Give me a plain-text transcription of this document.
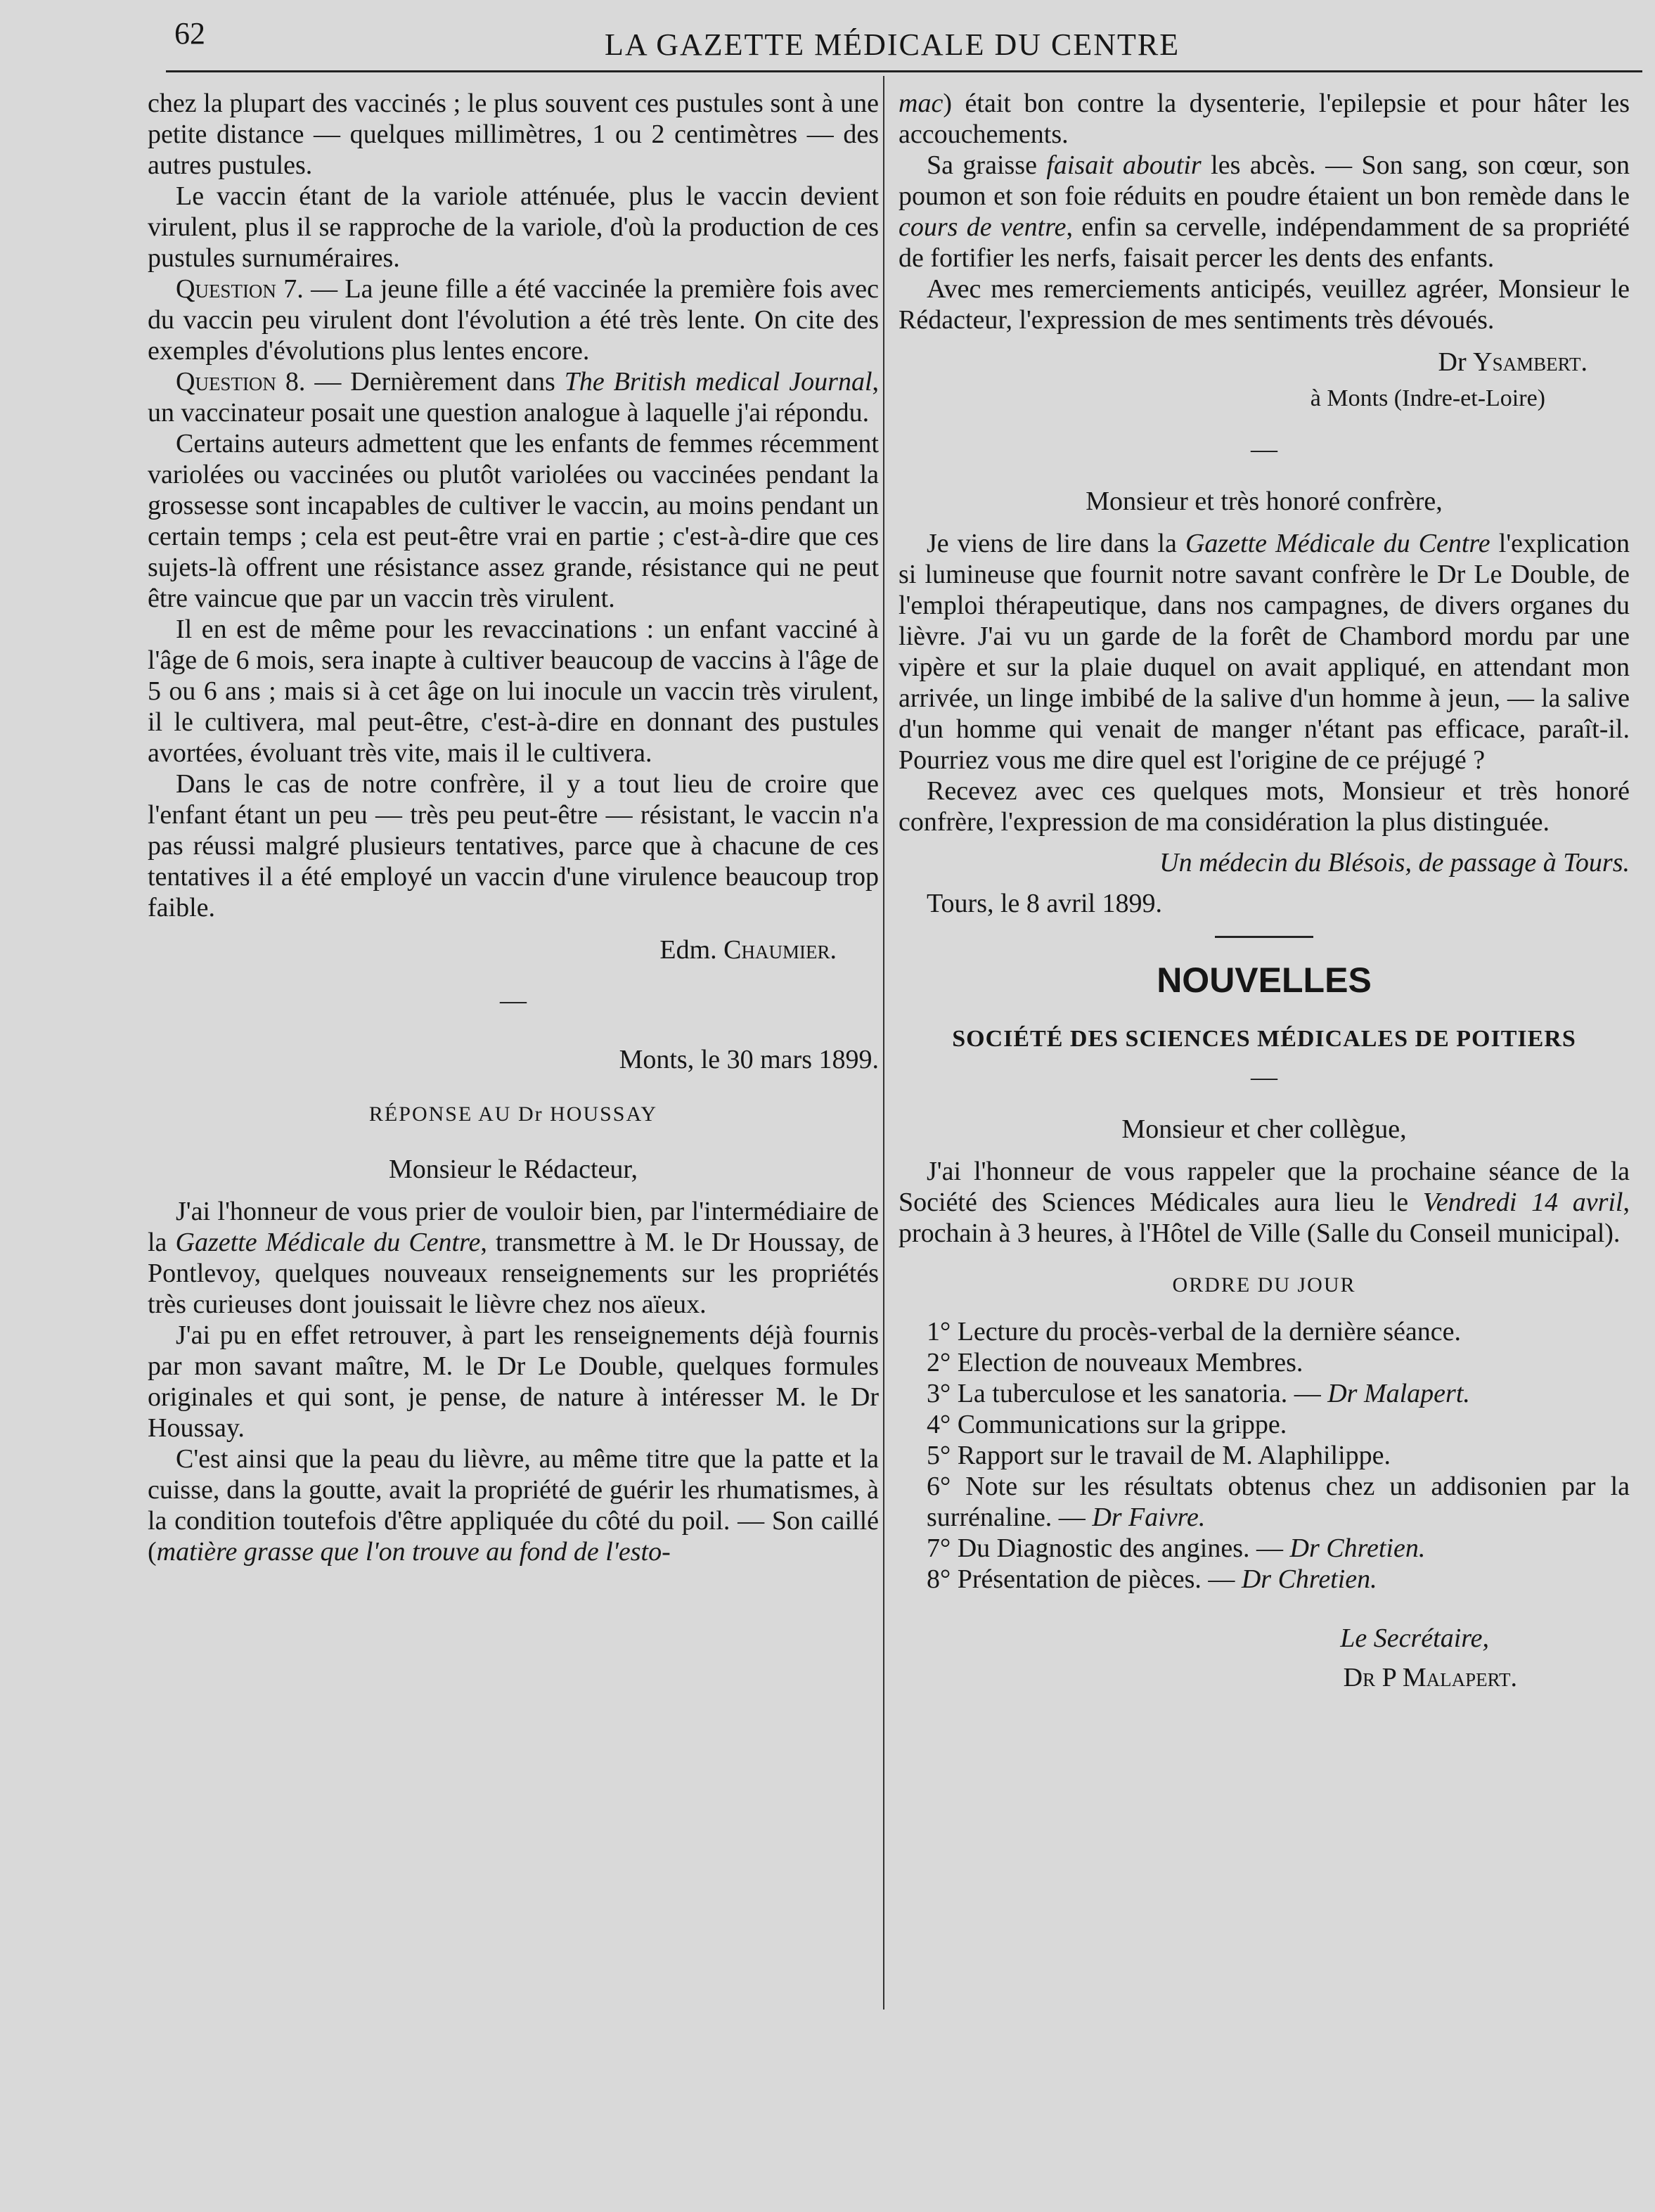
62	LA GAZETTE MÉDICALE DU CENTRE

chez la plupart des vaccinés ; le plus souvent ces pustules sont à une petite distance — quelques millimètres, 1 ou 2 centimètres — des autres pustules.

Le vaccin étant de la variole atténuée, plus le vaccin devient virulent, plus il se rapproche de la variole, d'où la production de ces pustules surnuméraires.

Question 7. — La jeune fille a été vaccinée la première fois avec du vaccin peu virulent dont l'évolution a été très lente. On cite des exemples d'évolutions plus lentes encore.

Question 8. — Dernièrement dans The British medical Journal, un vaccinateur posait une question analogue à laquelle j'ai répondu.

Certains auteurs admettent que les enfants de femmes récemment variolées ou vaccinées ou plutôt variolées ou vaccinées pendant la grossesse sont incapables de cultiver le vaccin, au moins pendant un certain temps ; cela est peut-être vrai en partie ; c'est-à-dire que ces sujets-là offrent une résistance assez grande, résistance qui ne peut être vaincue que par un vaccin très virulent.

Il en est de même pour les revaccinations : un enfant vacciné à l'âge de 6 mois, sera inapte à cultiver beaucoup de vaccins à l'âge de 5 ou 6 ans ; mais si à cet âge on lui inocule un vaccin très virulent, il le cultivera, mal peut-être, c'est-à-dire en donnant des pustules avortées, évoluant très vite, mais il le cultivera.

Dans le cas de notre confrère, il y a tout lieu de croire que l'enfant étant un peu — très peu peut-être — résistant, le vaccin n'a pas réussi malgré plusieurs tentatives, parce que à chacune de ces tentatives il a été employé un vaccin d'une virulence beaucoup trop faible.

Edm. Chaumier.
—
Monts, le 30 mars 1899.
RÉPONSE AU Dr HOUSSAY
Monsieur le Rédacteur,

J'ai l'honneur de vous prier de vouloir bien, par l'intermédiaire de la Gazette Médicale du Centre, transmettre à M. le Dr Houssay, de Pontlevoy, quelques nouveaux renseignements sur les propriétés très curieuses dont jouissait le lièvre chez nos aïeux.

J'ai pu en effet retrouver, à part les renseignements déjà fournis par mon savant maître, M. le Dr Le Double, quelques formules originales et qui sont, je pense, de nature à intéresser M. le Dr Houssay.

C'est ainsi que la peau du lièvre, au même titre que la patte et la cuisse, dans la goutte, avait la propriété de guérir les rhumatismes, à la condition toutefois d'être appliquée du côté du poil. — Son caillé (matière grasse que l'on trouve au fond de l'esto-

mac) était bon contre la dysenterie, l'epilepsie et pour hâter les accouchements.

Sa graisse faisait aboutir les abcès. — Son sang, son cœur, son poumon et son foie réduits en poudre étaient un bon remède dans le cours de ventre, enfin sa cervelle, indépendamment de sa propriété de fortifier les nerfs, faisait percer les dents des enfants.

Avec mes remerciements anticipés, veuillez agréer, Monsieur le Rédacteur, l'expression de mes sentiments très dévoués.

Dr Ysambert.
à Monts (Indre-et-Loire)
—
Monsieur et très honoré confrère,

Je viens de lire dans la Gazette Médicale du Centre l'explication si lumineuse que fournit notre savant confrère le Dr Le Double, de l'emploi thérapeutique, dans nos campagnes, de divers organes du lièvre. J'ai vu un garde de la forêt de Chambord mordu par une vipère et sur la plaie duquel on avait appliqué, en attendant mon arrivée, un linge imbibé de la salive d'un homme à jeun, — la salive d'un homme qui venait de manger n'étant pas efficace, paraît-il. Pourriez vous me dire quel est l'origine de ce préjugé ?

Recevez avec ces quelques mots, Monsieur et très honoré confrère, l'expression de ma considération la plus distinguée.

Un médecin du Blésois, de passage à Tours.

Tours, le 8 avril 1899.

NOUVELLES
SOCIÉTÉ DES SCIENCES MÉDICALES DE POITIERS
—
Monsieur et cher collègue,

J'ai l'honneur de vous rappeler que la prochaine séance de la Société des Sciences Médicales aura lieu le Vendredi 14 avril, prochain à 3 heures, à l'Hôtel de Ville (Salle du Conseil municipal).

ORDRE DU JOUR
1° Lecture du procès-verbal de la dernière séance.
2° Election de nouveaux Membres.
3° La tuberculose et les sanatoria. — Dr Malapert.
4° Communications sur la grippe.
5° Rapport sur le travail de M. Alaphilippe.
6° Note sur les résultats obtenus chez un addisonien par la surrénaline. — Dr Faivre.
7° Du Diagnostic des angines. — Dr Chretien.
8° Présentation de pièces. — Dr Chretien.
Le Secrétaire,
Dr P Malapert.
